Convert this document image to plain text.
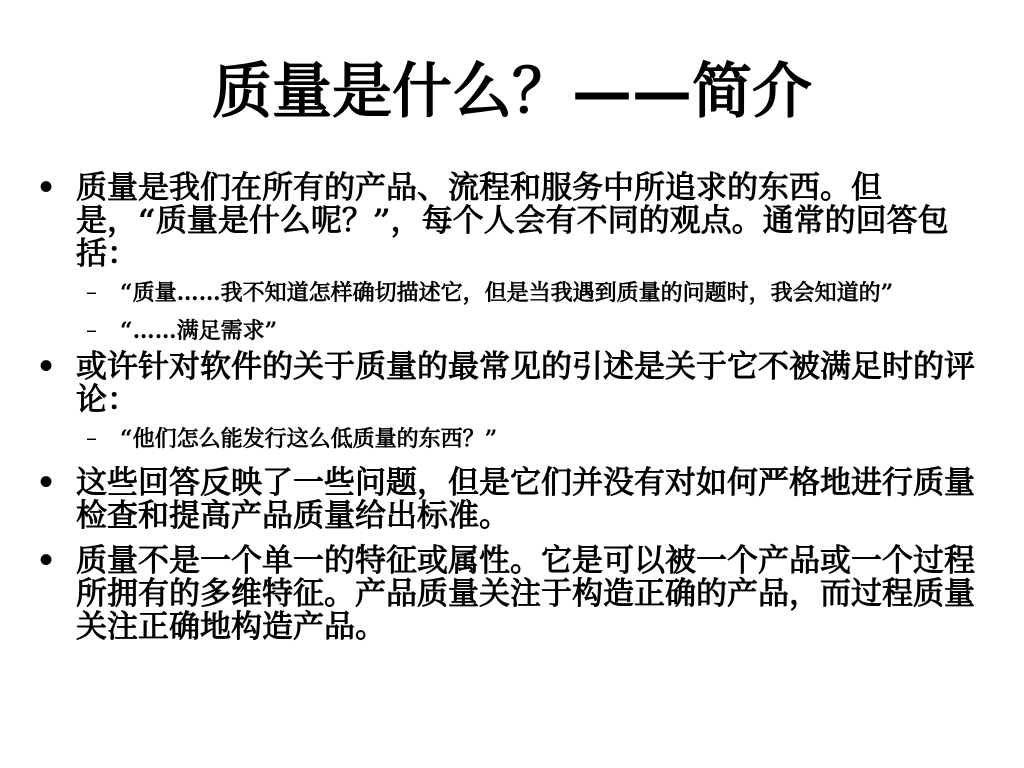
质量是什么？——简介
• 质量是我们在所有的产品、流程和服务中所追求的东西。但是，“质量是什么呢？”，每个人会有不同的观点。通常的回答包括：
– “质量……我不知道怎样确切描述它，但是当我遇到质量的问题时，我会知道的”
– “……满足需求”
• 或许针对软件的关于质量的最常见的引述是关于它不被满足时的评论：
– “他们怎么能发行这么低质量的东西？”
• 这些回答反映了一些问题，但是它们并没有对如何严格地进行质量检查和提高产品质量给出标准。
• 质量不是一个单一的特征或属性。它是可以被一个产品或一个过程所拥有的多维特征。产品质量关注于构造正确的产品，而过程质量关注正确地构造产品。
